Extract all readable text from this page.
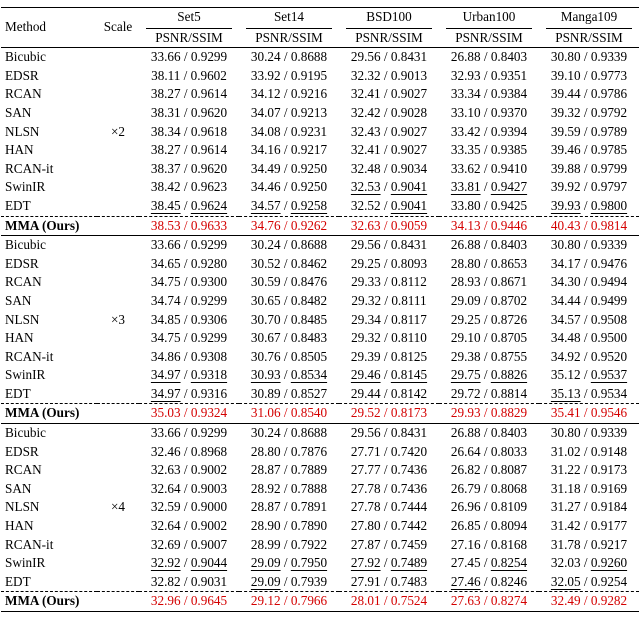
Method	Scale	Set5	Set14	BSD100	Urban100	Manga109
		PSNR/SSIM	PSNR/SSIM	PSNR/SSIM	PSNR/SSIM	PSNR/SSIM
Bicubic	×2	33.66 / 0.9299	30.24 / 0.8688	29.56 / 0.8431	26.88 / 0.8403	30.80 / 0.9339
EDSR		38.11 / 0.9602	33.92 / 0.9195	32.32 / 0.9013	32.93 / 0.9351	39.10 / 0.9773
RCAN		38.27 / 0.9614	34.12 / 0.9216	32.41 / 0.9027	33.34 / 0.9384	39.44 / 0.9786
SAN		38.31 / 0.9620	34.07 / 0.9213	32.42 / 0.9028	33.10 / 0.9370	39.32 / 0.9792
NLSN		38.34 / 0.9618	34.08 / 0.9231	32.43 / 0.9027	33.42 / 0.9394	39.59 / 0.9789
HAN		38.27 / 0.9614	34.16 / 0.9217	32.41 / 0.9027	33.35 / 0.9385	39.46 / 0.9785
RCAN-it		38.37 / 0.9620	34.49 / 0.9250	32.48 / 0.9034	33.62 / 0.9410	39.88 / 0.9799
SwinIR		38.42 / 0.9623	34.46 / 0.9250	32.53 / 0.9041	33.81 / 0.9427	39.92 / 0.9797
EDT		38.45 / 0.9624	34.57 / 0.9258	32.52 / 0.9041	33.80 / 0.9425	39.93 / 0.9800
MMA (Ours)		38.53 / 0.9633	34.76 / 0.9262	32.63 / 0.9059	34.13 / 0.9446	40.43 / 0.9814
Bicubic	×3	33.66 / 0.9299	30.24 / 0.8688	29.56 / 0.8431	26.88 / 0.8403	30.80 / 0.9339
EDSR		34.65 / 0.9280	30.52 / 0.8462	29.25 / 0.8093	28.80 / 0.8653	34.17 / 0.9476
RCAN		34.75 / 0.9300	30.59 / 0.8476	29.33 / 0.8112	28.93 / 0.8671	34.30 / 0.9494
SAN		34.74 / 0.9299	30.65 / 0.8482	29.32 / 0.8111	29.09 / 0.8702	34.44 / 0.9499
NLSN		34.85 / 0.9306	30.70 / 0.8485	29.34 / 0.8117	29.25 / 0.8726	34.57 / 0.9508
HAN		34.75 / 0.9299	30.67 / 0.8483	29.32 / 0.8110	29.10 / 0.8705	34.48 / 0.9500
RCAN-it		34.86 / 0.9308	30.76 / 0.8505	29.39 / 0.8125	29.38 / 0.8755	34.92 / 0.9520
SwinIR		34.97 / 0.9318	30.93 / 0.8534	29.46 / 0.8145	29.75 / 0.8826	35.12 / 0.9537
EDT		34.97 / 0.9316	30.89 / 0.8527	29.44 / 0.8142	29.72 / 0.8814	35.13 / 0.9534
MMA (Ours)		35.03 / 0.9324	31.06 / 0.8540	29.52 / 0.8173	29.93 / 0.8829	35.41 / 0.9546
Bicubic	×4	33.66 / 0.9299	30.24 / 0.8688	29.56 / 0.8431	26.88 / 0.8403	30.80 / 0.9339
EDSR		32.46 / 0.8968	28.80 / 0.7876	27.71 / 0.7420	26.64 / 0.8033	31.02 / 0.9148
RCAN		32.63 / 0.9002	28.87 / 0.7889	27.77 / 0.7436	26.82 / 0.8087	31.22 / 0.9173
SAN		32.64 / 0.9003	28.92 / 0.7888	27.78 / 0.7436	26.79 / 0.8068	31.18 / 0.9169
NLSN		32.59 / 0.9000	28.87 / 0.7891	27.78 / 0.7444	26.96 / 0.8109	31.27 / 0.9184
HAN		32.64 / 0.9002	28.90 / 0.7890	27.80 / 0.7442	26.85 / 0.8094	31.42 / 0.9177
RCAN-it		32.69 / 0.9007	28.99 / 0.7922	27.87 / 0.7459	27.16 / 0.8168	31.78 / 0.9217
SwinIR		32.92 / 0.9044	29.09 / 0.7950	27.92 / 0.7489	27.45 / 0.8254	32.03 / 0.9260
EDT		32.82 / 0.9031	29.09 / 0.7939	27.91 / 0.7483	27.46 / 0.8246	32.05 / 0.9254
MMA (Ours)		32.96 / 0.9645	29.12 / 0.7966	28.01 / 0.7524	27.63 / 0.8274	32.49 / 0.9282
